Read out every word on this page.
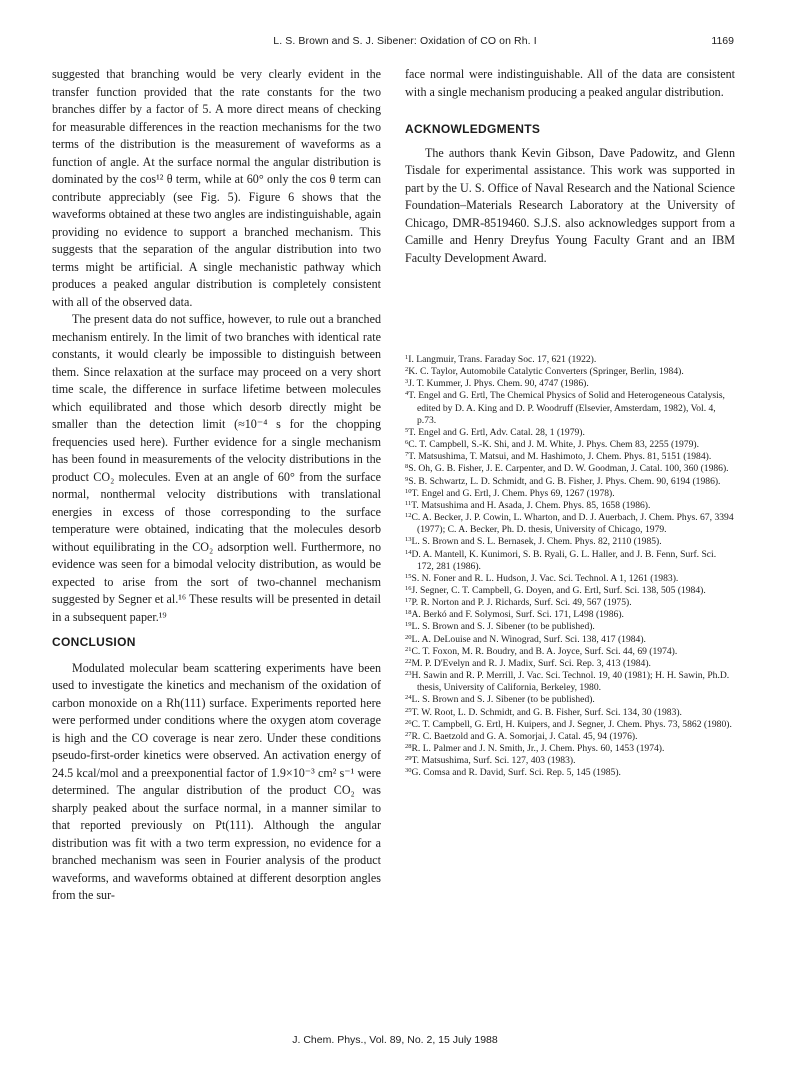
L. S. Brown and S. J. Sibener: Oxidation of CO on Rh. I	1169

suggested that branching would be very clearly evident in the transfer function provided that the rate constants for the two branches differ by a factor of 5. A more direct means of checking for measurable differences in the reaction mechanisms for the two terms of the distribution is the measurement of waveforms as a function of angle. At the surface normal the angular distribution is dominated by the cos¹² θ term, while at 60° only the cos θ term can contribute appreciably (see Fig. 5). Figure 6 shows that the waveforms obtained at these two angles are indistinguishable, again providing no evidence to support a branched mechanism. This suggests that the separation of the angular distribution into two terms might be artificial. A single mechanistic pathway which produces a peaked angular distribution is completely consistent with all of the observed data.

The present data do not suffice, however, to rule out a branched mechanism entirely. In the limit of two branches with identical rate constants, it would clearly be impossible to distinguish between them. Since relaxation at the surface may proceed on a very short time scale, the difference in surface lifetime between molecules which equilibrated and those which desorb directly might be smaller than the detection limit (≈10⁻⁴ s for the chopping frequencies used here). Further evidence for a single mechanism has been found in measurements of the velocity distributions in the product CO₂ molecules. Even at an angle of 60° from the surface normal, nonthermal velocity distributions with translational energies in excess of those corresponding to the surface temperature were obtained, indicating that the molecules desorb without equilibrating in the CO₂ adsorption well. Furthermore, no evidence was seen for a bimodal velocity distribution, as would be expected to arise from the sort of two-channel mechanism suggested by Segner et al.¹⁶ These results will be presented in detail in a subsequent paper.¹⁹

CONCLUSION

Modulated molecular beam scattering experiments have been used to investigate the kinetics and mechanism of the oxidation of carbon monoxide on a Rh(111) surface. Experiments reported here were performed under conditions where the oxygen atom coverage is high and the CO coverage is near zero. Under these conditions pseudo-first-order kinetics were observed. An activation energy of 24.5 kcal/mol and a preexponential factor of 1.9×10⁻³ cm² s⁻¹ were determined. The angular distribution of the product CO₂ was sharply peaked about the surface normal, in a manner similar to that reported previously on Pt(111). Although the angular distribution was fit with a two term expression, no evidence for a branched mechanism was seen in Fourier analysis of the product waveforms, and waveforms obtained at different desorption angles from the sur-

face normal were indistinguishable. All of the data are consistent with a single mechanism producing a peaked angular distribution.

ACKNOWLEDGMENTS

The authors thank Kevin Gibson, Dave Padowitz, and Glenn Tisdale for experimental assistance. This work was supported in part by the U. S. Office of Naval Research and the National Science Foundation–Materials Research Laboratory at the University of Chicago, DMR-8519460. S.J.S. also acknowledges support from a Camille and Henry Dreyfus Young Faculty Grant and an IBM Faculty Development Award.

$^1$I. Langmuir, Trans. Faraday Soc. 17, 621 (1922).

$^2$K. C. Taylor, Automobile Catalytic Converters (Springer, Berlin, 1984).

$^3$J. T. Kummer, J. Phys. Chem. 90, 4747 (1986).

$^4$T. Engel and G. Ertl, The Chemical Physics of Solid and Heterogeneous Catalysis, edited by D. A. King and D. P. Woodruff (Elsevier, Amsterdam, 1982), Vol. 4, p.73.

$^5$T. Engel and G. Ertl, Adv. Catal. 28, 1 (1979).

$^6$C. T. Campbell, S.-K. Shi, and J. M. White, J. Phys. Chem 83, 2255 (1979).

$^7$T. Matsushima, T. Matsui, and M. Hashimoto, J. Chem. Phys. 81, 5151 (1984).

$^8$S. Oh, G. B. Fisher, J. E. Carpenter, and D. W. Goodman, J. Catal. 100, 360 (1986).

$^9$S. B. Schwartz, L. D. Schmidt, and G. B. Fisher, J. Phys. Chem. 90, 6194 (1986).

$^{10}$T. Engel and G. Ertl, J. Chem. Phys 69, 1267 (1978).

$^{11}$T. Matsushima and H. Asada, J. Chem. Phys. 85, 1658 (1986).

$^{12}$C. A. Becker, J. P. Cowin, L. Wharton, and D. J. Auerbach, J. Chem. Phys. 67, 3394 (1977); C. A. Becker, Ph. D. thesis, University of Chicago, 1979.

$^{13}$L. S. Brown and S. L. Bernasek, J. Chem. Phys. 82, 2110 (1985).

$^{14}$D. A. Mantell, K. Kunimori, S. B. Ryali, G. L. Haller, and J. B. Fenn, Surf. Sci. 172, 281 (1986).

$^{15}$S. N. Foner and R. L. Hudson, J. Vac. Sci. Technol. A 1, 1261 (1983).

$^{16}$J. Segner, C. T. Campbell, G. Doyen, and G. Ertl, Surf. Sci. 138, 505 (1984).

$^{17}$P. R. Norton and P. J. Richards, Surf. Sci. 49, 567 (1975).

$^{18}$A. Berkó and F. Solymosi, Surf. Sci. 171, L498 (1986).

$^{19}$L. S. Brown and S. J. Sibener (to be published).

$^{20}$L. A. DeLouise and N. Winograd, Surf. Sci. 138, 417 (1984).

$^{21}$C. T. Foxon, M. R. Boudry, and B. A. Joyce, Surf. Sci. 44, 69 (1974).

$^{22}$M. P. D'Evelyn and R. J. Madix, Surf. Sci. Rep. 3, 413 (1984).

$^{23}$H. Sawin and R. P. Merrill, J. Vac. Sci. Technol. 19, 40 (1981); H. H. Sawin, Ph.D. thesis, University of California, Berkeley, 1980.

$^{24}$L. S. Brown and S. J. Sibener (to be published).

$^{25}$T. W. Root, L. D. Schmidt, and G. B. Fisher, Surf. Sci. 134, 30 (1983).

$^{26}$C. T. Campbell, G. Ertl, H. Kuipers, and J. Segner, J. Chem. Phys. 73, 5862 (1980).

$^{27}$R. C. Baetzold and G. A. Somorjai, J. Catal. 45, 94 (1976).

$^{28}$R. L. Palmer and J. N. Smith, Jr., J. Chem. Phys. 60, 1453 (1974).

$^{29}$T. Matsushima, Surf. Sci. 127, 403 (1983).

$^{30}$G. Comsa and R. David, Surf. Sci. Rep. 5, 145 (1985).

J. Chem. Phys., Vol. 89, No. 2, 15 July 1988
